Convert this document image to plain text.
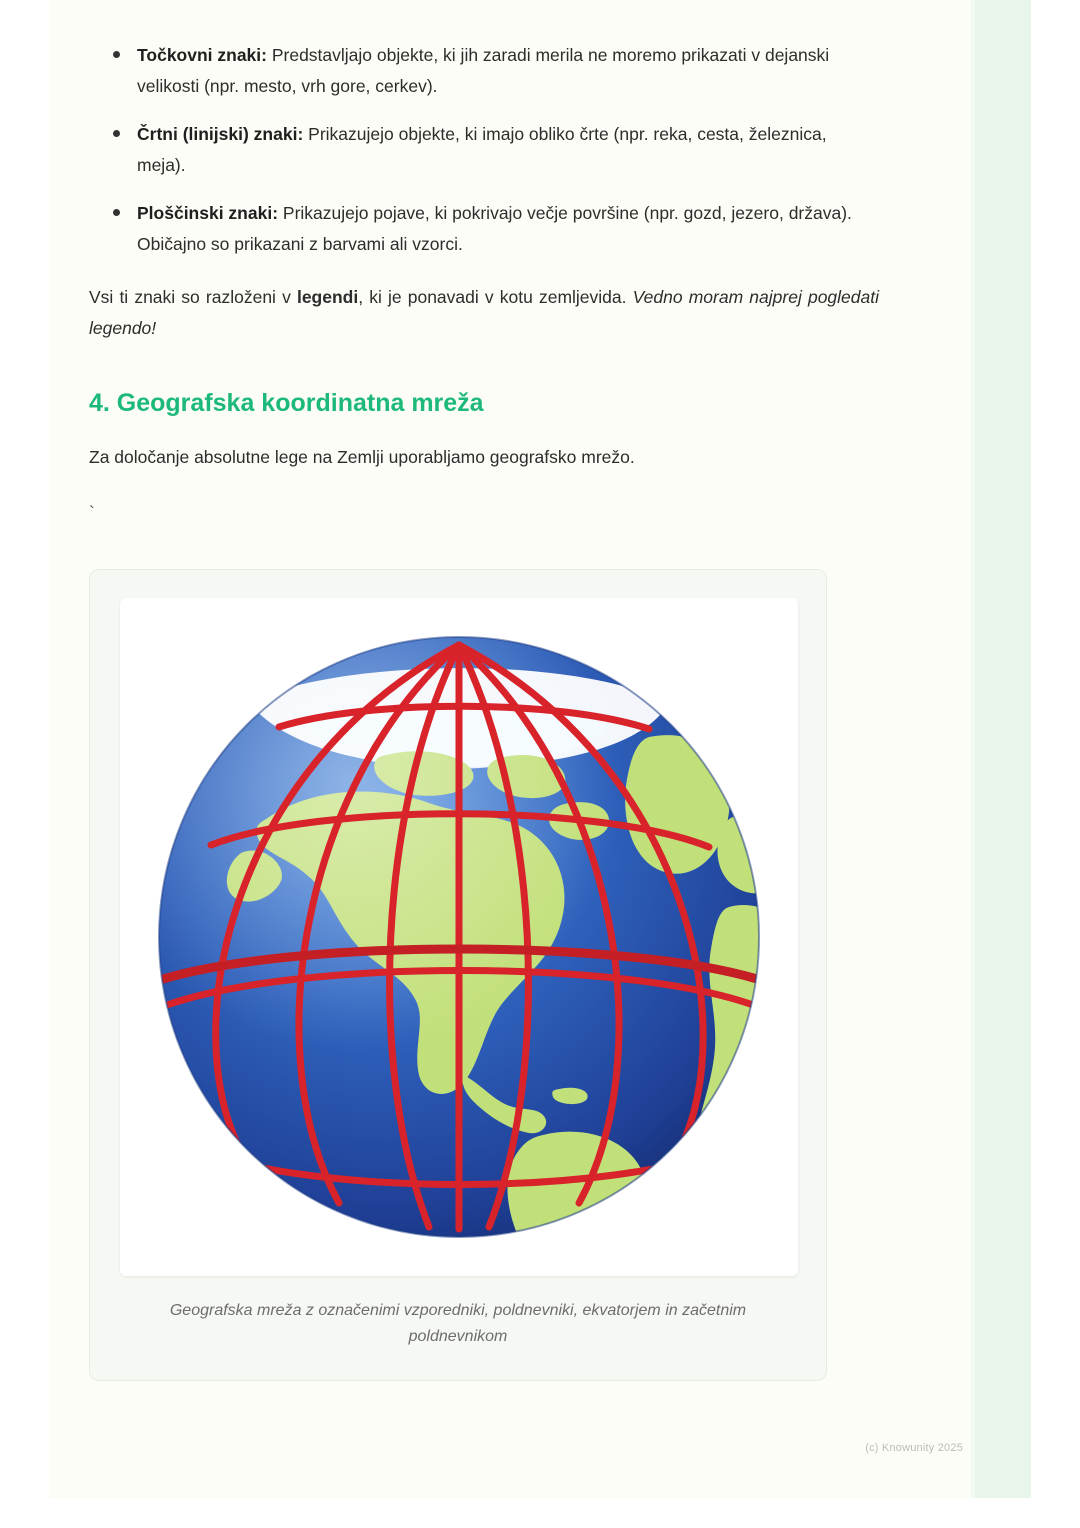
Točkovni znaki: Predstavljajo objekte, ki jih zaradi merila ne moremo prikazati v dejanski velikosti (npr. mesto, vrh gore, cerkev).
Črtni (linijski) znaki: Prikazujejo objekte, ki imajo obliko črte (npr. reka, cesta, železnica, meja).
Ploščinski znaki: Prikazujejo pojave, ki pokrivajo večje površine (npr. gozd, jezero, država). Običajno so prikazani z barvami ali vzorci.

Vsi ti znaki so razloženi v legendi, ki je ponavadi v kotu zemljevida. Vedno moram najprej pogledati legendo!

4. Geografska koordinatna mreža

Za določanje absolutne lege na Zemlji uporabljamo geografsko mrežo.

`

Geografska mreža z označenimi vzporedniki, poldnevniki, ekvatorjem in začetnim poldnevnikom
(c) Knowunity 2025
